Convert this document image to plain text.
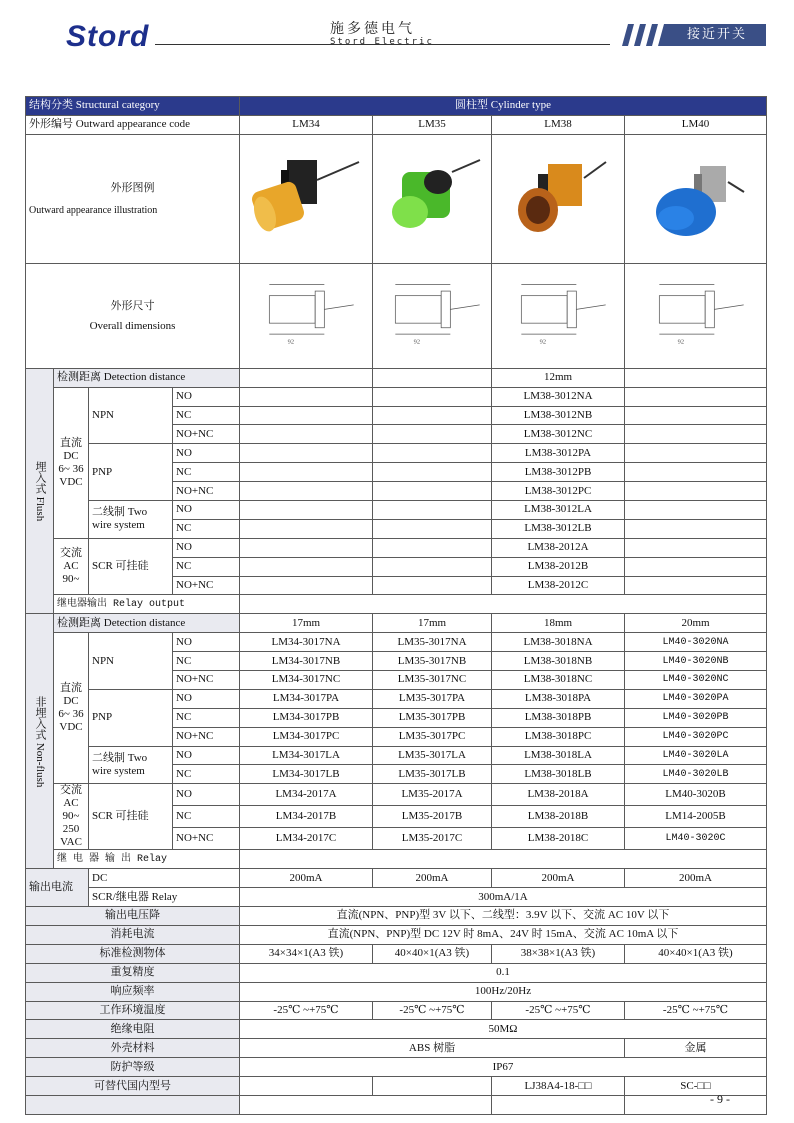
Stord	施多德电气
Stord Electric	接近开关
结构分类 Structural category				圆柱型 Cylinder type			
外形编号 Outward appearance code				LM34	LM35	LM38	LM40

外形图例
Outward appearance illustration

外形尺寸
Overall dimensions				92	92	92	92

埋入式 Flush	检测距离 Detection distance					12mm	
	直流 DC 6~ 36 VDC	NPN	NO			LM38-3012NA	
			NC			LM38-3012NB	
			NO+NC			LM38-3012NC	
		PNP	NO			LM38-3012PA	
			NC			LM38-3012PB	
			NO+NC			LM38-3012PC	
		二线制 Two wire system	NO			LM38-3012LA	
			NC			LM38-3012LB	
	交流 AC 90~	SCR 可挂硅	NO			LM38-2012A	
			NC			LM38-2012B	
			NO+NC			LM38-2012C	
	继电器输出 Relay output						
非埋入式 Non-flush	检测距离 Detection distance			17mm	17mm	18mm	20mm
	直流 DC 6~ 36 VDC	NPN	NO	LM34-3017NA	LM35-3017NA	LM38-3018NA	LM40-3020NA
			NC	LM34-3017NB	LM35-3017NB	LM38-3018NB	LM40-3020NB
			NO+NC	LM34-3017NC	LM35-3017NC	LM38-3018NC	LM40-3020NC
		PNP	NO	LM34-3017PA	LM35-3017PA	LM38-3018PA	LM40-3020PA
			NC	LM34-3017PB	LM35-3017PB	LM38-3018PB	LM40-3020PB
			NO+NC	LM34-3017PC	LM35-3017PC	LM38-3018PC	LM40-3020PC
		二线制 Two wire system	NO	LM34-3017LA	LM35-3017LA	LM38-3018LA	LM40-3020LA
			NC	LM34-3017LB	LM35-3017LB	LM38-3018LB	LM40-3020LB
	交流 AC 90~ 250 VAC	SCR 可挂硅	NO	LM34-2017A	LM35-2017A	LM38-2018A	LM40-3020B
			NC	LM34-2017B	LM35-2017B	LM38-2018B	LM14-2005B
			NO+NC	LM34-2017C	LM35-2017C	LM38-2018C	LM40-3020C
	继 电 器 输 出 Relay						
输出电流		DC		200mA	200mA	200mA	200mA
		SCR/继电器 Relay		300mA/1A			
输出电压降				直流(NPN、PNP)型 3V 以下、二线型：3.9V 以下、交流 AC 10V 以下			
消耗电流				直流(NPN、PNP)型 DC 12V 时 8mA、24V 时 15mA、交流 AC 10mA 以下			
标准检测物体				34×34×1(A3 铁)	40×40×1(A3 铁)	38×38×1(A3 铁)	40×40×1(A3 铁)
重复精度				0.1			
响应频率				100Hz/20Hz			
工作环境温度				-25℃ ~+75℃	-25℃ ~+75℃	-25℃ ~+75℃	-25℃ ~+75℃
绝缘电阻				50MΩ			
外壳材料				ABS 树脂			金属
防护等级				IP67			
可替代国内型号						LJ38A4-18-□□	SC-□□

- 9 -
